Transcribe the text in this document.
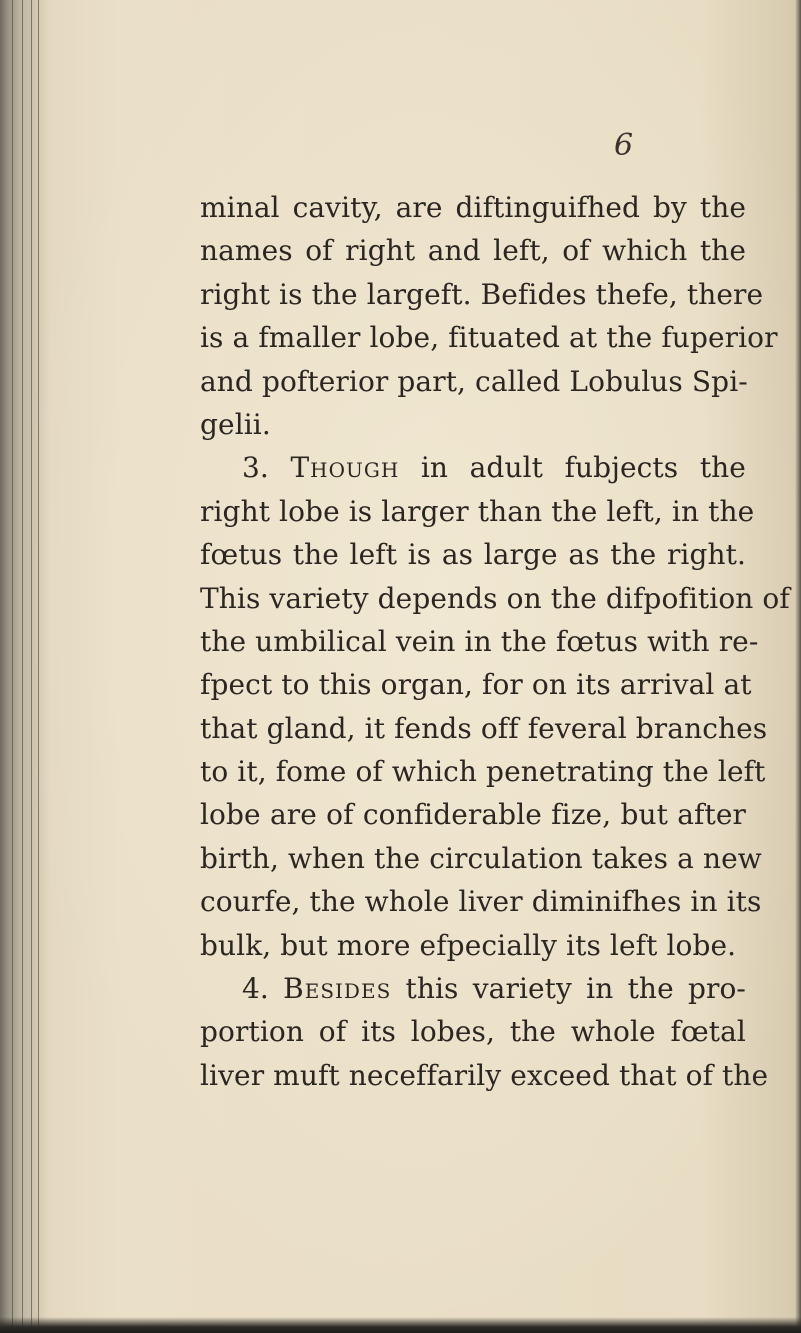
6
minal cavity, are diftinguifhed by the
names of right and left, of which the
right is the largeft. Befides thefe, there
is a fmaller lobe, fituated at the fuperior
and pofterior part, called Lobulus Spi-
gelii.
3. Though in adult fubjects the
right lobe is larger than the left, in the
fœtus the left is as large as the right.
This variety depends on the difpofition of
the umbilical vein in the fœtus with re-
fpect to this organ, for on its arrival at
that gland, it fends off feveral branches
to it, fome of which penetrating the left
lobe are of confiderable fize, but after
birth, when the circulation takes a new
courfe, the whole liver diminifhes in its
bulk, but more efpecially its left lobe.
4. Besides this variety in the pro-
portion of its lobes, the whole fœtal
liver muft neceffarily exceed that of the
